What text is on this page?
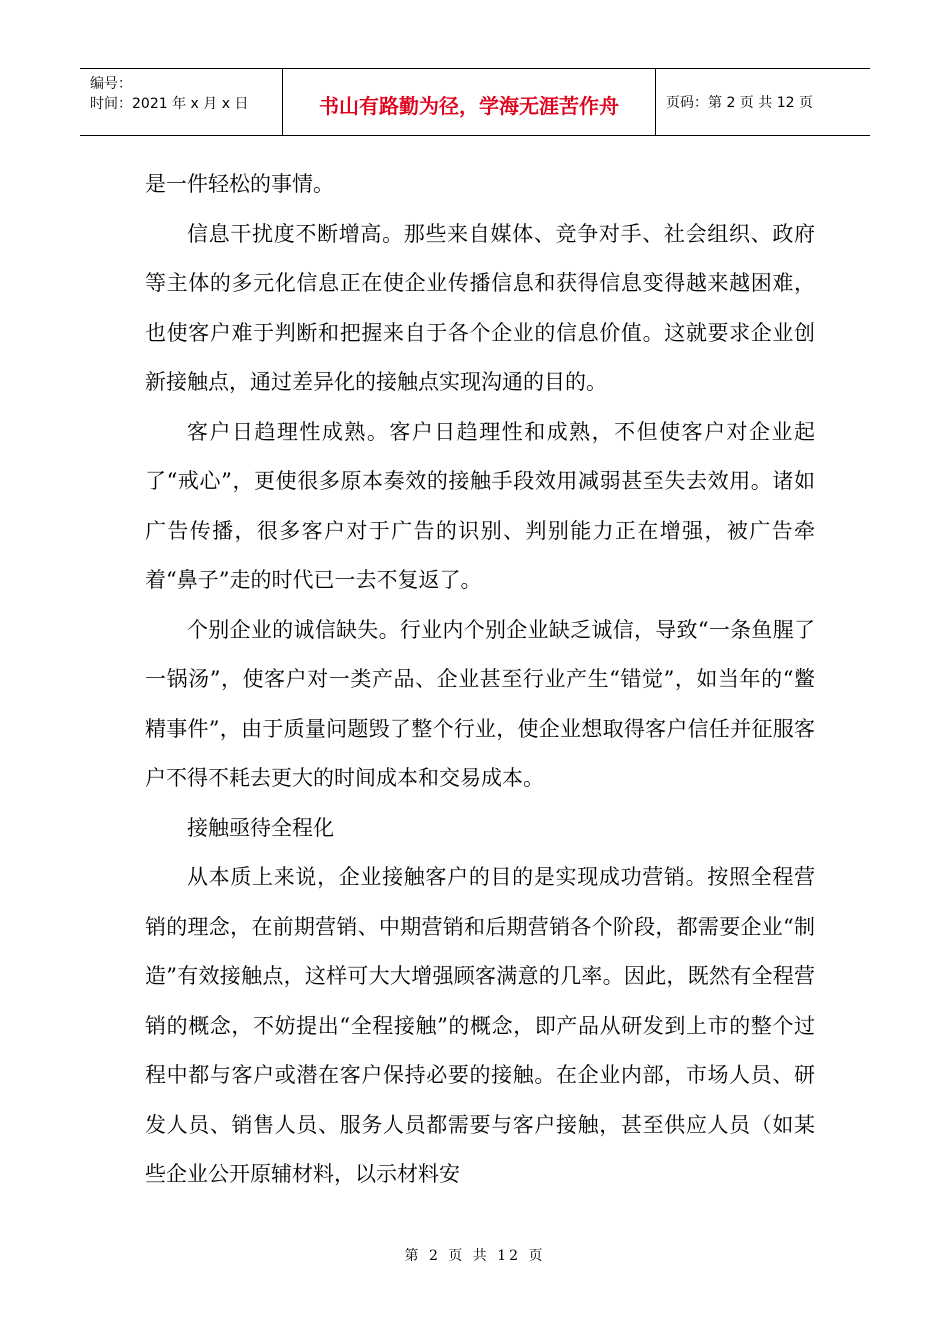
编号：
时间：2021 年 x 月 x 日	书山有路勤为径，学海无涯苦作舟	页码：第 2 页 共 12 页

是一件轻松的事情。

信息干扰度不断增高。那些来自媒体、竞争对手、社会组织、政府等主体的多元化信息正在使企业传播信息和获得信息变得越来越困难，也使客户难于判断和把握来自于各个企业的信息价值。这就要求企业创新接触点，通过差异化的接触点实现沟通的目的。

客户日趋理性成熟。客户日趋理性和成熟，不但使客户对企业起了“戒心”，更使很多原本奏效的接触手段效用减弱甚至失去效用。诸如广告传播，很多客户对于广告的识别、判别能力正在增强，被广告牵着“鼻子”走的时代已一去不复返了。

个别企业的诚信缺失。行业内个别企业缺乏诚信，导致“一条鱼腥了一锅汤”，使客户对一类产品、企业甚至行业产生“错觉”，如当年的“鳖精事件”，由于质量问题毁了整个行业，使企业想取得客户信任并征服客户不得不耗去更大的时间成本和交易成本。

接触亟待全程化

从本质上来说，企业接触客户的目的是实现成功营销。按照全程营销的理念，在前期营销、中期营销和后期营销各个阶段，都需要企业“制造”有效接触点，这样可大大增强顾客满意的几率。因此，既然有全程营销的概念，不妨提出“全程接触”的概念，即产品从研发到上市的整个过程中都与客户或潜在客户保持必要的接触。在企业内部，市场人员、研发人员、销售人员、服务人员都需要与客户接触，甚至供应人员（如某些企业公开原辅材料，以示材料安

第 2 页 共 12 页
